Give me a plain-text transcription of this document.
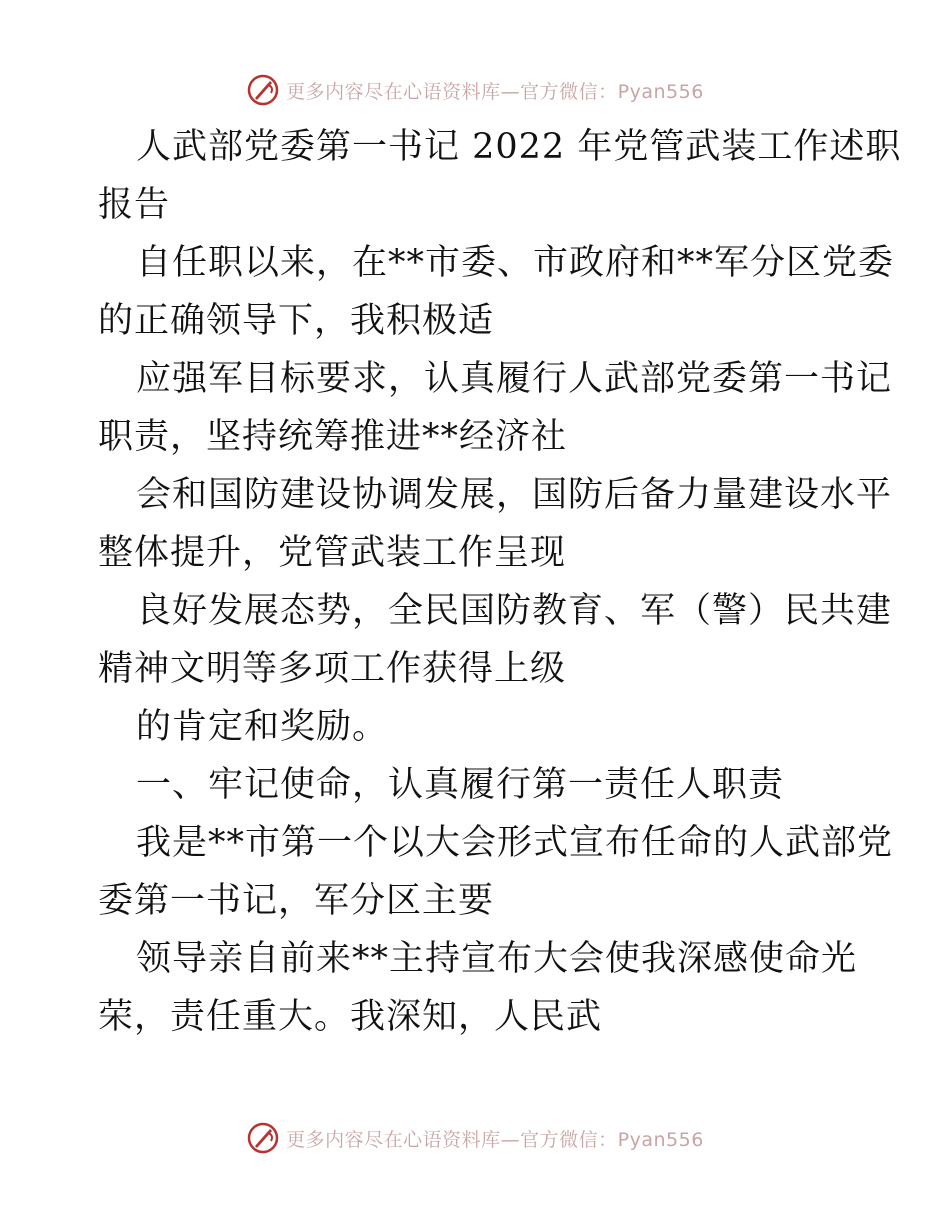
更多内容尽在心语资料库—官方微信：Pyan556
人武部党委第一书记 2022 年党管武装工作述职
报告
自任职以来，在**市委、市政府和**军分区党委
的正确领导下，我积极适
应强军目标要求，认真履行人武部党委第一书记
职责，坚持统筹推进**经济社
会和国防建设协调发展，国防后备力量建设水平
整体提升，党管武装工作呈现
良好发展态势，全民国防教育、军（警）民共建
精神文明等多项工作获得上级
的肯定和奖励。
一、牢记使命，认真履行第一责任人职责
我是**市第一个以大会形式宣布任命的人武部党
委第一书记，军分区主要
领导亲自前来**主持宣布大会使我深感使命光
荣，责任重大。我深知，人民武
更多内容尽在心语资料库—官方微信：Pyan556
